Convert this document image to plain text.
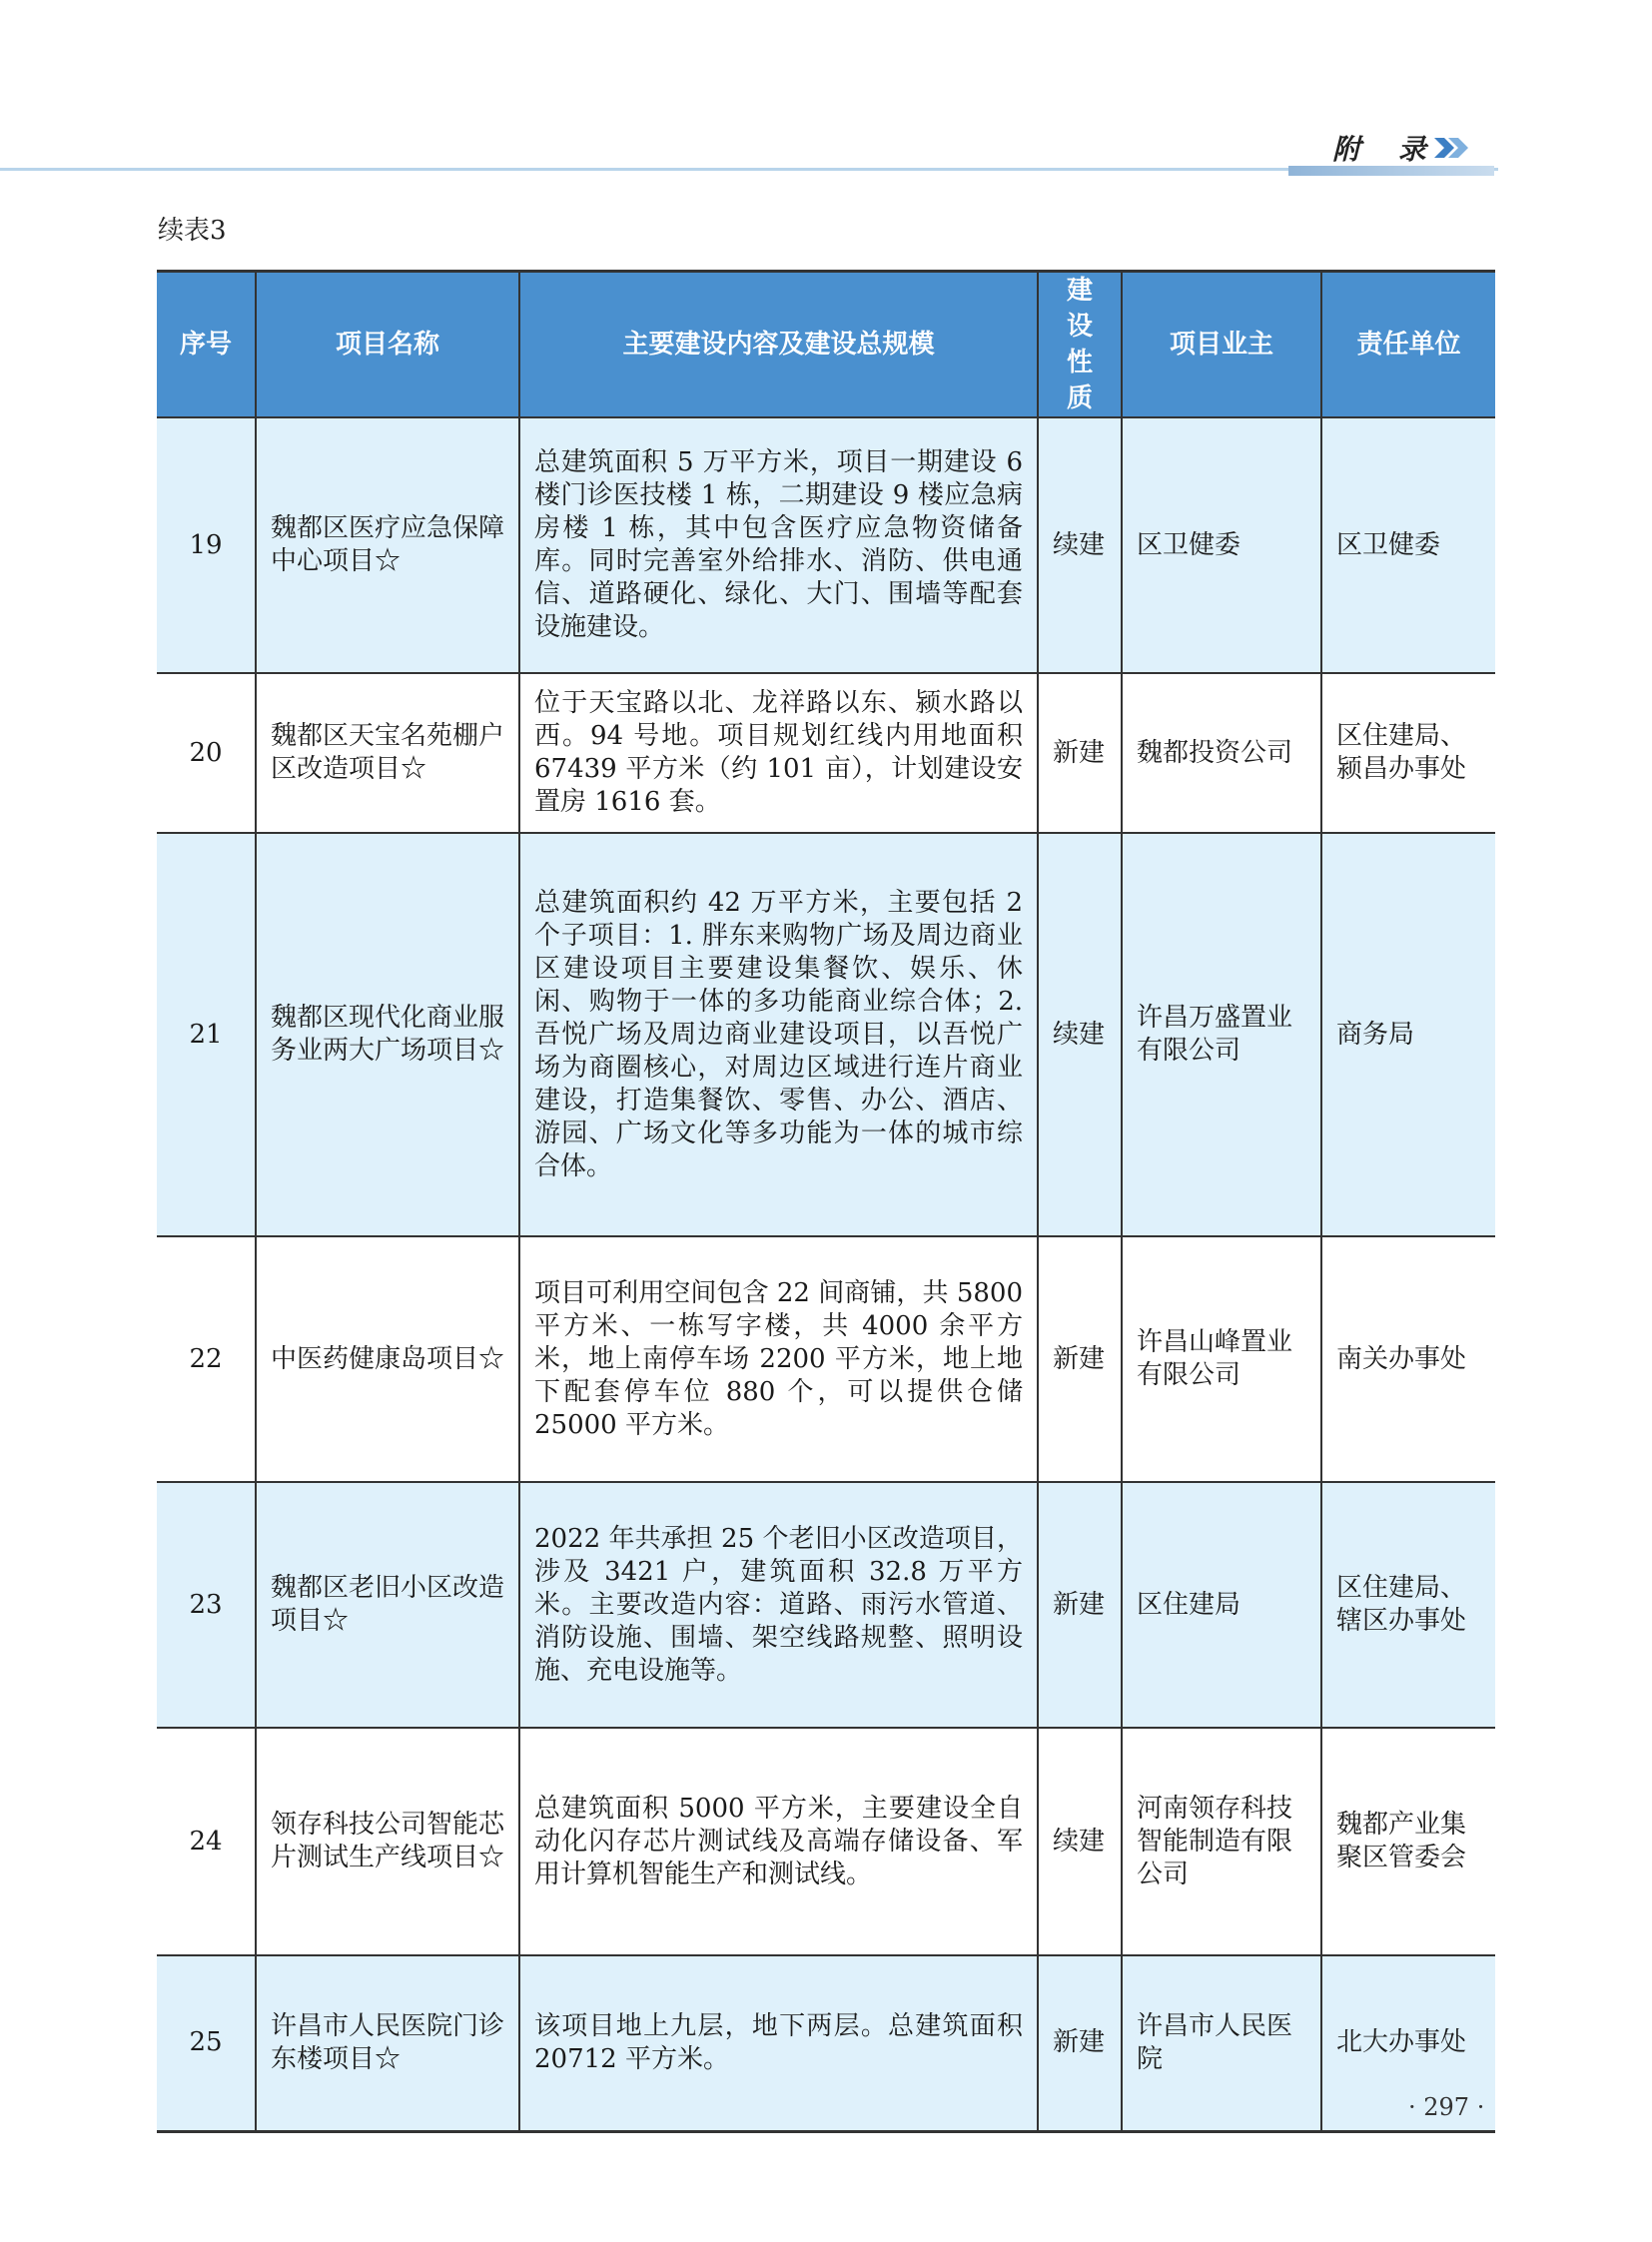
附 录
续表3
序号	项目名称	主要建设内容及建设总规模	建设性质	项目业主	责任单位
19	魏都区医疗应急保障中心项目☆	总建筑面积 5 万平方米，项目一期建设 6 楼门诊医技楼 1 栋，二期建设 9 楼应急病房楼 1 栋，其中包含医疗应急物资储备库。同时完善室外给排水、消防、供电通信、道路硬化、绿化、大门、围墙等配套设施建设。	续建	区卫健委	区卫健委
20	魏都区天宝名苑棚户区改造项目☆	位于天宝路以北、龙祥路以东、颍水路以西。94 号地。项目规划红线内用地面积 67439 平方米（约 101 亩），计划建设安置房 1616 套。	新建	魏都投资公司	区住建局、颍昌办事处
21	魏都区现代化商业服务业两大广场项目☆	总建筑面积约 42 万平方米，主要包括 2 个子项目：1. 胖东来购物广场及周边商业区建设项目主要建设集餐饮、娱乐、休闲、购物于一体的多功能商业综合体；2. 吾悦广场及周边商业建设项目，以吾悦广场为商圈核心，对周边区域进行连片商业建设，打造集餐饮、零售、办公、酒店、游园、广场文化等多功能为一体的城市综合体。	续建	许昌万盛置业有限公司	商务局
22	中医药健康岛项目☆	项目可利用空间包含 22 间商铺，共 5800 平方米、一栋写字楼，共 4000 余平方米，地上南停车场 2200 平方米，地上地下配套停车位 880 个，可以提供仓储 25000 平方米。	新建	许昌山峰置业有限公司	南关办事处
23	魏都区老旧小区改造项目☆	2022 年共承担 25 个老旧小区改造项目，涉及 3421 户，建筑面积 32.8 万平方米。主要改造内容：道路、雨污水管道、消防设施、围墙、架空线路规整、照明设施、充电设施等。	新建	区住建局	区住建局、辖区办事处
24	领存科技公司智能芯片测试生产线项目☆	总建筑面积 5000 平方米，主要建设全自动化闪存芯片测试线及高端存储设备、军用计算机智能生产和测试线。	续建	河南领存科技智能制造有限公司	魏都产业集聚区管委会
25	许昌市人民医院门诊东楼项目☆	该项目地上九层，地下两层。总建筑面积 20712 平方米。	新建	许昌市人民医院	北大办事处
· 297 ·
